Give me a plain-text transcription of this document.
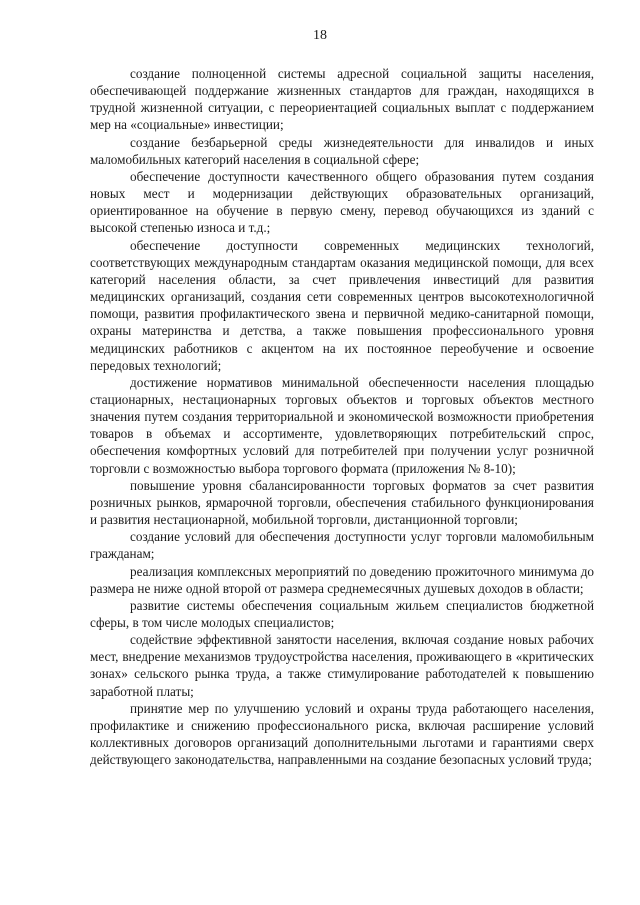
18

создание полноценной системы адресной социальной защиты населения, обеспечивающей поддержание жизненных стандартов для граждан, находящихся в трудной жизненной ситуации, с переориентацией социальных выплат с поддержанием мер на «социальные» инвестиции;

создание безбарьерной среды жизнедеятельности для инвалидов и иных маломобильных категорий населения в социальной сфере;

обеспечение доступности качественного общего образования путем создания новых мест и модернизации действующих образовательных организаций, ориентированное на обучение в первую смену, перевод обучающихся из зданий с высокой степенью износа и т.д.;

обеспечение доступности современных медицинских технологий, соответствующих международным стандартам оказания медицинской помощи, для всех категорий населения области, за счет привлечения инвестиций для развития медицинских организаций, создания сети современных центров высокотехнологичной помощи, развития профилактического звена и первичной медико-санитарной помощи, охраны материнства и детства, а также повышения профессионального уровня медицинских работников с акцентом на их постоянное переобучение и освоение передовых технологий;

достижение нормативов минимальной обеспеченности населения площадью стационарных, нестационарных торговых объектов и торговых объектов местного значения путем создания территориальной и экономической возможности приобретения товаров в объемах и ассортименте, удовлетворяющих потребительский спрос, обеспечения комфортных условий для потребителей при получении услуг розничной торговли с возможностью выбора торгового формата (приложения № 8-10);

повышение уровня сбалансированности торговых форматов за счет развития розничных рынков, ярмарочной торговли, обеспечения стабильного функционирования и развития нестационарной, мобильной торговли, дистанционной торговли;

создание условий для обеспечения доступности услуг торговли маломобильным гражданам;

реализация комплексных мероприятий по доведению прожиточного минимума до размера не ниже одной второй от размера среднемесячных душевых доходов в области;

развитие системы обеспечения социальным жильем специалистов бюджетной сферы, в том числе молодых специалистов;

содействие эффективной занятости населения, включая создание новых рабочих мест, внедрение механизмов трудоустройства населения, проживающего в «критических зонах» сельского рынка труда, а также стимулирование работодателей к повышению заработной платы;

принятие мер по улучшению условий и охраны труда работающего населения, профилактике и снижению профессионального риска, включая расширение условий коллективных договоров организаций дополнительными льготами и гарантиями сверх действующего законодательства, направленными на создание безопасных условий труда;
